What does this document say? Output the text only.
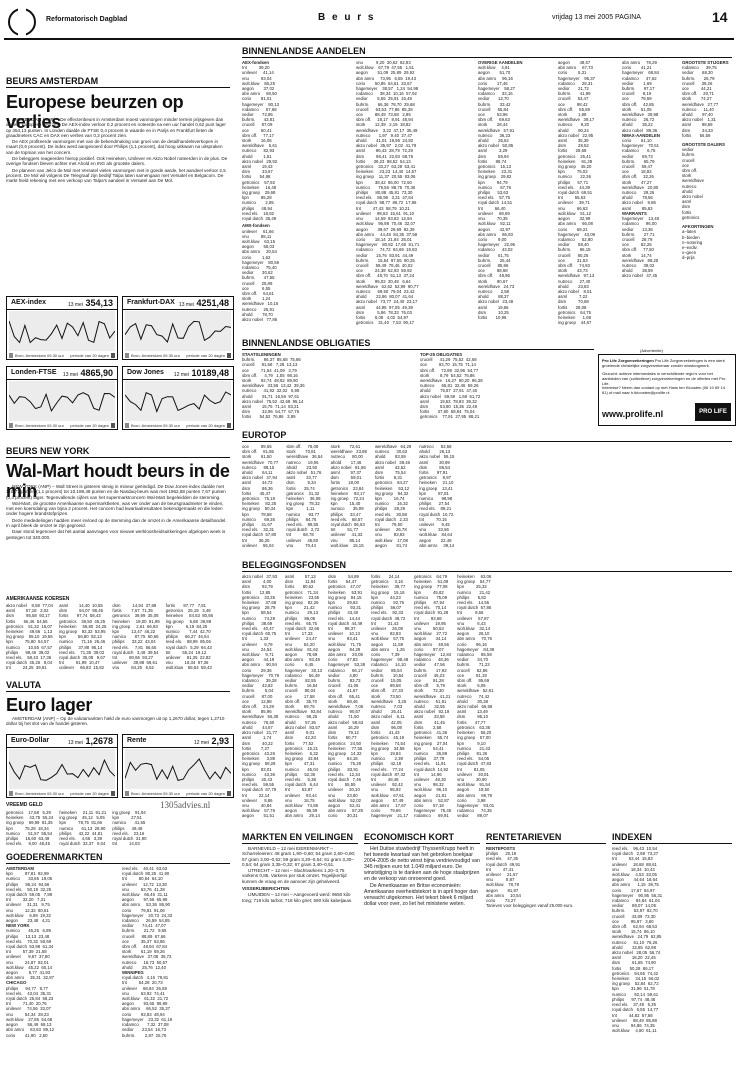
Reformatorisch Dagblad	B e u r s	vrijdag 13 mei 2005 PAGINA	14
BEURS AMSTERDAM
Europese beurzen op verlies

AMSTERDAM (ANP) – De effectenbeurs in Amsterdam moest vanmorgen minder terrein prijsgeven dan andere Europese beurzen. De AEX-index verloor 0,2 procent en noteerde na een uur handel 0,62 punt lager op 354,13 punten. In Londen daalde de FTSE 0,4 procent in waarde en in Parijs en Frankfurt lieten de graadmeters CAC en DAX een verlies van 0,3 procent zien.

De AEX profiteerde vanmorgen met van de bekendmaking van groei van de detailhandelsverkopen in maart (0,6 procent). De index werd aangevoerd door Philips (1,1 procent), dat hoog uitkwam na uitspraken van de topman van het concern.

De beleggers reageerden hierop positief. Ook Heineken, Unilever en Akzo Nobel noteerden in de plus. De overige fondsen bleven achter met Ahold en ING als grootste dalers.

De plannen van Jelco de Mol met Versatel vielen vanmorgen niet in goede aarde, het aandeel verloor 2,5 procent. De Mol wil volgens De Telegraaf zijn bedrijf Talpa laten samengaan met Versatel en Belgacom. De markt hield rekening met een verkoop van Talpa's aandeel in Versatel aan De Mol.

AEX-index	13 mei 354,13
Bron: Amsterdam 09.30 uur periode van 20 dagen
Frankfurt-DAX 13 mei 4251,48
Bron: Amsterdam 09.30 uur periode van 20 dagen
Londen-FTSE 13 mei 4865,90
Bron: Amsterdam 09.30 uur periode van 20 dagen
Dow Jones 12 mei 10189,48
Bron: Amsterdam 09.30 uur periode van 20 dagen
BEURS NEW YORK
Wal-Mart houdt beurs in de min

NEW YORK (ANP) – Wall Street is gisteren stevig in mineur geëindigd. De Dow Jones-index daalde met 110,77 punten (1,1 procent) tot 10.189,48 punten en de Nasdaq-beurs was met 1962,88 punten 7,67 punten (0,4 procent) lager. Tegenvallende cijfers van het supermarktconcern Wal-Mart begeleidden de stemming.

Wal-Mart, de grootste Amerikaanse supermarktketen, was ver onder aan de beursgraadmeter te vinden, met een koersdaling van bijna 2 procent. Het concern had kwartaalresultaten bekendgemaakt en die leden onder hogere brandstofprijzen.

Deze mededelingen hadden meer invloed op de stemming dan de omzet in de Amerikaanse detailhandel. In april bleek de omzet te zijn gegroeid.

Daar stond tegenover dat het aantal aanvragen voor nieuwe werkloosheidsuitkeringen afgelopen week is gestegen tot 340.000.

AMERIKAANSE KOERSEN
akzo nobel    8,58  77,04
asml         57,18   3,02
dsm          95,58  93,17
fortis       66,46  54,55
getronics    51,32  16,07
heineken     49,66   1,13
ing groep    65,10  19,56
kpn          75,80  54,57
numico       10,55  67,57
philips      98,46  39,02
reed els.    58,43  17,36
royal dutch  45,25   8,04
tnt          24,25  39,91
asml         14,40  10,55
dsm          94,07  98,46
fortis       97,74  58,43
getronics    39,50  45,25
heineken     59,80  24,25
ing groep    92,32  53,95
kpn          56,80  82,13
numico       71,16  26,46
philips      37,88  95,14
reed els.    71,35  39,02
royal dutch  35,08   9,67
tnt          91,99  10,47
unilever     66,83  15,82
dsm          14,94  37,88
fortis        7,67  71,35
getronics    39,99  35,08
heineken     19,00  91,99
ing groep     2,61  66,83
kpn          13,47  46,22
numico       87,75  60,66
philips      33,22  43,04
reed els.     7,81  56,65
royal dutch   3,48  39,54
tnt          80,66  93,27
unilever     39,88  69,61
vnu          84,25   6,52
fortis       87,77   7,81
getronics    25,19   3,48
heineken     84,53  80,66
ing groep     6,68  39,88
kpn           6,19  84,25
numico        7,44  42,70
philips      66,27  46,54
reed els.    88,99  85,06
royal dutch   5,29  94,43
tnt          55,24  19,12
unilever     81,35  22,82
vnu          18,34  97,36
wolt.kluw    55,54  59,43
VALUTA
Euro lager

AMSTERDAM (ANP) – Op de valutamarkten hield de euro vanmorgen uit op 1,2670 dollar, tegen 1,2710 dollar bij het slot van de handel gisteren.

Euro-Dollar	13 mei 1,2678
Bron: Amsterdam 09.30 uur periode van 20 dagen
Rente	12 mei 2,93
Bron: Amsterdam 09.30 uur periode van 20 dagen
VREEMD GELD	1305advies.nl
getronics    17,68   5,29
heineken     43,75  55,24
ing groep    69,99  81,35
kpn          75,28  18,34
numico       51,57  55,54
philips      16,60  63,49
reed els.     9,00  48,45
heineken     21,11  81,21
ing groep    45,12   5,05
kpn          78,75  81,66
numico       61,13  28,90
philips      42,22  44,81
reed els.     4,66   3,39
royal dutch  33,37   9,04
ing groep    91,94
kpn          27,51
numico       41,55
philips      49,48
reed els.    23,16
royal dutch  31,90
tnt          14,03
GOEDERENMARKTEN
AMSTERDAM
kpn          87,81  82,99
numico       33,65  19,05
philips      95,24  94,66
reed els.    50,19  32,25
royal dutch  59,05   7,89
tnt          32,20   7,31
unilever     31,31   9,75
vnu          12,32  80,61
wolt.kluw     6,89  19,32
aegon        23,48   4,21
NEW YORK
numico       46,26   6,89
philips      13,13  23,48
reed els.    70,32  50,69
royal dutch  53,98  61,34
tnt          57,39  21,58
unilever      9,87  37,80
vnu          24,87  92,01
wolt.kluw    45,22  60,14
aegon         8,77  41,93
abn amro     35,31  32,87
CHICAGO
philips      94,77   8,77
reed els.    43,04  35,31
royal dutch  25,84  58,23
tnt          71,40  20,76
unilever     74,56  33,07
vnu          54,34  28,23
wolt.kluw    27,85  54,68
aegon        56,49  69,13
abn amro     63,63  89,12
corio        41,90   2,50
reed els.    40,41  63,63
royal dutch  80,25  41,90
tnt          80,64  64,10
unilever     12,72  13,30
vnu          63,76  41,28
wolt.kluw    66,46  31,11
aegon        97,66  65,98
abn amro     53,36  86,90
corio        79,81  91,06
hagemeyer    20,73  24,33
rodamco      26,59  54,85
vedior       74,41  47,07
buhrm.       21,72   9,55
crucell      88,89  67,66
oce          35,37  63,86
sbm off.     48,94  67,84
stork        61,19  69,26
wereldhave   37,08  35,73
nutreco      16,73  50,57
ahold        25,76  12,40
WINNIPEG
royal dutch   4,16  79,81
tnt          54,28  20,73
unilever     68,84  26,59
vnu          63,92  74,41
wolt.kluw    61,32  21,72
aegon        93,65  88,89
abn amro     66,52  35,37
corio        93,83  48,94
hagemeyer    23,32  61,19
rodamco       7,32  37,08
vedior       23,54  16,73
buhrm.        2,87  25,76
BINNENLANDSE AANDELEN
AEX-fondsen
tnt          39,20
unilever     41,14
vnu          93,04
wolt.kluw    86,25
aegon        37,02
abn amro     68,50
corio        81,01
hagemeyer    80,13
rodamco      57,68
vedior       72,85
buhrm.       43,81
crucell      87,09
oce          60,41
sbm off.     77,17
stork        16,05
wereldhave    6,61
nutreco      82,93
ahold         1,51
akzo nobel   29,92
asml         19,43
dsm          33,67
fortis       54,98
getronics    57,92
heineken     16,48
ing groep    29,68
kpn          85,28
numico        2,85
philips      48,94
reed els.    18,82
royal dutch  35,49
AMX-fondsen
unilever     61,66
vnu          88,11
wolt.kluw    63,15
aegon        56,03
abn amro     20,54
corio         1,62
hagemeyer    80,59
rodamco      75,40
vedior       30,62
buhrm.       47,55
crucell      25,89
oce           6,55
sbm off.     64,61
stork         1,24
wereldhave   10,16
nutreco      25,91
ahold        78,70
akzo nobel   77,86
vnu           9,20  30,62  82,93
wolt.kluw    67,79  47,55   1,51
aegon        51,09  25,89  29,92
abn amro     73,96   6,55  19,43
corio        50,85  64,61  33,67
hagemeyer    38,57   1,24  54,98
rodamco      38,34  10,16  57,92
vedior        5,55  25,91  16,48
buhrm.       66,36  78,70  29,68
crucell      63,53  77,86  85,28
oce          88,49  73,58   2,85
sbm off.     18,17   8,91  48,94
stork        12,39   2,19  18,82
wereldhave    3,22  47,17  35,49
nutreco       1,97   9,40  27,47
ahold        41,01  19,95  24,82
akzo nobel   35,97   2,02  41,79
asml         86,43  28,79  72,29
dsm          98,41  22,93  68,76
fortis       39,23  98,52  54,13
getronics    33,27  63,28  53,41
heineken     23,23  14,40  14,57
ing groep    11,37  20,55  83,06
kpn          38,42  86,00  72,50
numico       79,56  88,75  70,36
philips      80,88  45,81  73,30
reed els.    86,96   3,31  47,64
royal dutch  98,77  86,72  17,96
tnt          47,43  58,79  10,21
unilever     98,63  15,61  91,10
vnu          14,59  83,83  12,94
wolt.kluw    96,98  70,46  32,07
aegon        39,67  29,69  92,39
abn amro     44,48  84,35  37,58
corio        18,14  21,84  26,01
hagemeyer    80,82  17,60  81,71
rodamco      74,72  84,69  19,83
vedior       15,76  83,91  44,49
buhrm.       15,54  97,55  90,25
crucell      59,49  78,46  40,02
oce          24,38  62,93  59,92
sbm off.     48,70  51,13  37,24
stork        95,02  30,48   6,64
wereldhave   62,62  52,99  90,77
nutreco      69,50  79,04  23,42
ahold        22,86  80,07  41,64
akzo nobel   73,77  24,40  23,17
asml         44,95  97,05  49,39
dsm           5,96  78,33  76,03
fortis        5,08   4,02  54,97
getronics    31,40   7,53  90,17
OVERIGE AANDELEN
wolt.kluw     4,91
aegon        51,70
abn amro     96,16
corio        17,46
hagemeyer    58,27
rodamco      33,16
vedior       12,70
buhrm.       33,42
crucell      55,84
oce          53,96
sbm off.     69,63
stork        28,44
wereldhave   57,91
nutreco      36,23
ahold        26,62
akzo nobel   50,85
asml          3,29
dsm          59,94
fortis       88,74
getronics    15,13
heineken     23,31
ing groep    29,82
kpn          94,79
numico       67,76
philips      53,63
reed els.    57,75
royal dutch  14,51
tnt          66,40
unilever     68,69
vnu          70,35
wolt.kluw    82,11
aegon        42,97
abn amro     86,93
corio         9,00
hagemeyer    22,96
rodamco      43,02
vedior       61,75
buhrm.       25,44
crucell      85,96
oce          88,68
sbm off.     48,95
stork        90,67
wereldhave   24,73
nutreco       2,58
ahold        88,37
akzo nobel   23,48
asml         19,66
dsm          10,25
fortis       10,96
aegon        48,57
abn amro     67,73
corio         5,31
hagemeyer    95,37
rodamco      28,31
vedior       21,72
buhrm.       41,99
crucell      53,47
oce          98,42
sbm off.     55,69
stork         1,98
wereldhave   39,17
nutreco       9,20
ahold        90,24
akzo nobel   22,95
asml         35,39
dsm          28,52
fortis       28,68
getronics    25,41
heineken     91,28
ing groep    45,20
kpn          75,02
numico       22,36
philips      57,71
reed els.    44,39
royal dutch  69,51
tnt          55,63
unilever     39,71
vnu          66,63
wolt.kluw    51,12
aegon        32,99
abn amro     66,08
corio        69,21
hagemeyer    43,09
rodamco      52,80
vedior       58,40
buhrm.       96,15
crucell      80,25
oce          31,53
sbm off.     74,93
stork        43,73
wereldhave   97,13
nutreco      27,40
ahold        23,83
akzo nobel    8,51
asml          7,22
dsm          70,68
fortis       28,08
getronics    64,75
heineken      1,69
ing groep    44,67
abn amro     78,29
corio        41,21
hagemeyer    68,84
rodamco      47,62
vedior        1,69
buhrm.       97,17
crucell       8,19
oce          78,59
sbm off.     42,85
stork        51,05
wereldhave   39,98
nutreco      26,72
ahold        35,22
akzo nobel   89,36
NMAX-AANDELEN
corio        61,10
hagemeyer    70,51
rodamco       6,75
vedior       69,73
buhrm.       65,79
crucell      59,47
oce          18,82
sbm off.     32,26
stork        47,27
wereldhave   20,80
nutreco      29,26
ahold        78,56
akzo nobel    9,86
asml         85,63
WARRANTS
hagemeyer    13,48
rodamco      96,00
vedior       13,36
buhrm.       27,71
crucell      28,79
oce          82,26
sbm off.     77,50
stork        14,74
wereldhave   88,25
nutreco      39,02
ahold        38,59
akzo nobel   47,45
GROOTSTE STIJGERS
rodamco      39,75
vedior       68,30
buhrm.       26,79
crucell      39,26
oce          44,21
sbm off.     20,71
stork        74,27
wereldhave   27,77
nutreco      11,40
ahold        97,40
akzo nobel    1,31
asml         98,69
dsm          34,33
fortis       56,59
GROOTSTE DALERS
vedior
buhrm.
crucell
oce
sbm off.
stork
wereldhave
nutreco
ahold
akzo nobel
asml
dsm
fortis
getronics
AFKORTINGEN
a–laten
b–bieden
n–notering
e–exdiv.
x–geen
d–prijs
BINNENLANDSE OBLIGATIES
STAATSLENINGEN
buhrm.       86,37  85,68  75,86
crucell      91,58   7,28  13,13
oce          71,64  41,09   3,79
sbm off.      4,79   1,55  98,16
stork        92,74  48,82  89,90
wereldhave   33,55  13,42  39,35
nutreco      41,92  32,02   6,98
ahold        91,71  16,56  97,61
akzo nobel   75,52  42,68  95,14
asml         15,75  71,14  83,21
dsm          32,96  54,77  67,76
fortis       54,52  76,86   3,89
TOP-25 OBLIGATIES
crucell      41,29  75,52  42,68
oce          93,70  15,75  71,14
sbm off.     72,89  32,96  54,77
stork         8,79  54,52  76,86
wereldhave   16,27  90,20  96,38
nutreco      65,81  32,46  59,26
ahold        75,87  27,91  47,40
akzo nobel   59,59   1,68  61,72
asml         19,53  78,93  39,32
dsm          53,80  15,35  22,49
fortis       37,80  58,94  75,04
getronics    77,91  27,95  88,21
(Advertentie)
Pro Life Zorgverzekeringen Pro Life Zorgverzekeringen is een sterk groeiende christelijke zorgverzekeraar zonder winstoogmerk.
Gezocht: actieve intermediairs in verschillende regio's voor het aanbieden van (collectieve) zorgverzekeringen en de offertes met Pro Life.
Interesse? Neem dan contact op met Hans ten Kloosten (06 10 69 14 81) of mail naar h.tkloosten@prolife.nl
www.prolife.nl	PRO LIFE
EUROTOP
oce          89,55
sbm off.     81,86
stork        61,50
wereldhave   70,77
nutreco      88,15
ahold        64,11
akzo nobel   47,94
asml         44,72
dsm          86,36
fortis       45,47
getronics    75,18
heineken     82,25
ing groep    50,34
kpn          78,58
numico       69,36
philips      41,67
reed els.    32,31
royal dutch  57,80
tnt          36,25
unilever     55,04
sbm off.     76,08
stork        70,81
wereldhave   36,54
nutreco      19,06
ahold        23,50
akzo nobel   51,76
asml         33,77
dsm           9,34
fortis       25,74
getronics    31,32
heineken     36,08
ing groep    78,32
kpn           1,11
numico       93,77
philips      84,76
reed els.    88,55
royal dutch   2,72
tnt          68,78
unilever     45,80
vnu          70,44
stork        72,61
wereldhave   23,88
nutreco      80,00
ahold        17,46
akzo nobel   91,56
asml         97,37
dsm          59,01
fortis       18,00
getronics    23,84
heineken     93,17
ing groep    72,24
kpn          15,40
numico       35,99
philips      33,47
reed els.    68,57
royal dutch  96,63
tnt          51,77
unilever     41,33
vnu          85,14
wolt.kluw    15,15
wereldhave   64,29
nutreco      30,63
ahold        83,59
akzo nobel   38,46
asml         43,52
dsm          75,54
fortis        8,31
getronics    84,27
heineken     53,12
ing groep    94,32
kpn          16,74
numico       16,32
philips      28,29
reed els.    30,58
royal dutch   2,33
tnt          79,50
unilever     26,78
vnu          83,93
wolt.kluw    17,08
aegon        81,74
nutreco      53,58
ahold        26,13
akzo nobel   59,15
asml         30,99
dsm          86,54
fortis       97,91
getronics     8,97
heineken     21,10
ing groep    13,41
kpn          87,81
numico       98,98
philips      27,54
reed els.    89,21
royal dutch  10,72
tnt          70,15
unilever      9,45
vnu          33,56
wolt.kluw    84,64
aegon        22,48
abn amro     39,14
BELEGGINGSFONDSEN
akzo nobel   37,93
asml          4,00
dsm          92,79
fortis       12,85
getronics    33,35
heineken     37,68
ing groep    28,79
kpn          58,54
numico       74,29
philips      38,69
reed els.    40,47
royal dutch  60,75
tnt           1,33
unilever      9,79
vnu          24,54
wolt.kluw     9,71
aegon        44,19
abn amro     90,94
corio        29,36
hagemeyer    70,79
rodamco      39,28
vedior       42,82
buhrm.        5,04
crucell      87,00
oce          12,88
sbm off.     24,29
stork        85,96
wereldhave   56,39
nutreco      76,60
ahold        44,67
akzo nobel   21,77
asml          1,74
dsm          40,22
fortis        7,27
getronics    43,26
heineken      3,89
ing groep    59,28
kpn          83,01
numico       43,36
philips      40,43
reed els.    59,55
royal dutch  67,79
tnt          22,14
unilever      8,86
vnu          40,84
wolt.kluw    57,76
aegon        51,51
asml         57,13
dsm          11,94
fortis       80,62
getronics    71,34
heineken     23,55
ing groep    82,26
kpn          21,42
numico       29,13
philips      86,05
reed els.    65,75
royal dutch  32,66
tnt          17,33
unilever     24,47
vnu          54,20
wolt.kluw    81,62
aegon        78,69
abn amro     93,48
corio         6,45
hagemeyer    30,13
rodamco      56,49
vedior       82,55
buhrm.       16,54
crucell      80,04
oce          17,58
sbm off.     35,70
stork        69,75
wereldhave   93,84
nutreco      58,25
ahold        57,36
akzo nobel   83,57
asml          9,01
dsm          42,20
fortis       77,52
getronics    15,21
heineken      6,32
ing groep    43,94
kpn          47,31
numico       45,04
philips      52,36
reed els.     5,38
royal dutch   6,44
tnt          53,87
unilever     93,44
vnu          18,75
wolt.kluw    74,86
aegon        95,59
abn amro     29,14
dsm          54,89
fortis       54,47
getronics    47,07
heineken     53,91
ing groep    94,15
kpn          29,63
numico       93,31
philips      43,40
reed els.    14,44
royal dutch  44,49
tnt          98,37
unilever     10,13
vnu          93,41
wolt.kluw    71,75
aegon        84,29
abn amro     20,08
corio        47,83
hagemeyer    53,38
rodamco      66,17
vedior        4,80
buhrm.       83,73
crucell      41,06
oce          41,67
sbm off.     65,41
stork        68,46
wereldhave    7,06
nutreco      90,67
ahold        71,50
akzo nobel   58,63
asml         16,29
dsm          79,12
fortis       60,77
getronics    24,50
heineken     77,55
ing groep    14,32
kpn          64,18
numico       75,28
philips      83,91
reed els.    12,34
royal dutch   7,46
tnt          55,55
unilever     20,10
vnu          23,80
wolt.kluw    52,02
aegon        52,41
abn amro     87,29
corio        30,31
fortis       24,14
getronics     3,16
heineken     39,77
ing groep    15,18
kpn          44,23
numico       92,76
philips      56,07
reed els.    92,33
royal dutch  49,72
tnt          31,43
unilever     26,08
vnu          82,83
wolt.kluw    57,75
aegon        11,59
abn amro      1,26
corio         7,39
hagemeyer    98,48
rodamco      14,10
vedior       85,54
buhrm.       10,54
crucell      15,05
oce          89,68
sbm off.     27,33
stork        73,50
wereldhave    3,25
nutreco       7,03
ahold        26,41
akzo nobel    6,11
asml         42,05
dsm          96,08
fortis       41,43
getronics    45,19
heineken     74,54
ing groep    34,58
kpn          19,84
numico        2,39
philips      42,18
reed els.    77,24
royal dutch  87,32
tnt          48,48
unilever     92,42
vnu          95,92
wolt.kluw    67,51
aegon        57,49
abn amro     17,67
corio        79,66
hagemeyer    21,17
getronics    64,79
heineken     51,09
ing groep    77,08
kpn          45,82
numico       75,09
philips      67,94
reed els.    70,14
royal dutch  91,28
tnt          93,68
unilever     19,95
vnu          50,53
wolt.kluw    27,72
aegon        34,14
abn amro     48,56
corio        87,07
hagemeyer    12,84
rodamco      48,36
vedior       47,56
buhrm.       17,92
crucell      45,23
oce          91,28
sbm off.      5,79
stork        72,30
wereldhave   41,21
nutreco      51,91
ahold        32,55
akzo nobel   92,19
asml         33,58
dsm          41,45
fortis        2,58
getronics    41,36
heineken     55,74
ing groep    27,04
kpn          54,41
numico       26,89
philips      37,79
reed els.    11,91
royal dutch  14,92
tnt          14,96
unilever     48,30
vnu          98,32
wolt.kluw    96,10
aegon        21,81
abn amro     52,87
corio        57,18
hagemeyer    75,45
rodamco      69,91
heineken     63,06
ing groep    54,77
kpn          25,32
numico       21,42
philips       5,82
reed els.    14,55
royal dutch  67,86
tnt           8,66
unilever     57,87
vnu           6,43
wolt.kluw    32,14
aegon        28,10
abn amro     70,76
corio        96,16
hagemeyer    84,39
rodamco      85,59
vedior       34,70
buhrm.       71,23
crucell      52,86
oce          81,19
sbm off.     95,69
stork         6,09
wereldhave   52,91
nutreco      74,42
ahold        30,38
akzo nobel   66,58
asml         13,49
dsm          95,10
fortis       47,77
getronics    63,36
heineken     56,20
ing groep    57,00
kpn           9,10
numico       21,43
philips      81,26
reed els.    54,05
royal dutch  47,83
tnt          81,05
unilever     30,81
vnu          30,90
wolt.kluw    91,54
aegon        19,50
abn amro     69,79
corio         3,98
hagemeyer    93,01
rodamco      74,35
vedior       89,07
MARKTEN EN VEILINGEN

BARNEVELD – 12 mei EIERENMARKT – Scharreleieren: 48 gram 1,90–0,60; 54 gram 2,60–0,80; 57 gram 3,00–0,52; 59 gram 3,20–0,54; 61 gram 3,30–0,54; 64 gram 3,35–0,32; 67 gram 3,40–0,51.

UTRECHT – 12 mei – Slachtvarkens 1,20–3,75 varkens 0,85. Varkens per stuk omzet. Tegelijkertijd kunnen de vraag en de aanvoer zijn gehalveerd.

VISSERIJBERICHTEN

IJMUIDEN – 12 mei – Aangevoerd werd: 9650 kilo tong; 719 kilo tarbot; 718 kilo griet; 590 kilo kabeljauw.

ECONOMISCH KORT

Het Duitse stuwbedrijf ThyssenKrupp heeft in het tweede kwartaal van het gebroken boekjaar 2004-2005 de netto winst bijna verdrievoudigd van 345 miljoen euro tot 1.049 miljard euro. De winststijging is te danken aan de hoge staalprijzen en de verkoop van onroerend goed.

De Amerikaanse en Britse economieën: Amerikaanse overheidstekort is in april hoger dan verwacht uitgekomen. Het tekort bleek 6 miljard dollar voor over, zo liet het ministerie weten.

RENTETARIEVEN
RENTEPOSTS
philips      20,19
reed els.    47,35
royal dutch  49,91
tnt          47,41
unilever     21,57
vnu           8,87
wolt.kluw    78,78
aegon        81,97
abn amro     10,54
corio        73,27
Tarieven voor beleggingen vanaf 25.000 euro.
INDEXEN
reed els.    96,43  10,54
royal dutch   2,98  73,27
tnt          53,44  15,83
unilever     18,68  88,61
vnu          18,34  10,43
wolt.kluw     4,53  33,05
aegon        44,64  18,64
abn amro      1,15  39,75
corio        17,67  84,97
hagemeyer    90,95  56,31
rodamco      84,84  61,04
vedior       88,07  14,05
buhrm.       53,97  82,70
crucell      43,89  73,30
oce          95,97   3,60
sbm off.     62,94  68,53
stork        15,74  86,10
wereldhave   24,79  62,85
nutreco      61,10  76,26
ahold        32,85  62,98
akzo nobel   28,05  56,74
asml         18,20  22,45
dsm          61,65  74,90
fortis       50,28  86,17
getronics    94,65  74,42
heineken     34,15  56,02
ing groep    52,84  62,72
kpn          31,96  51,78
numico       92,14  59,61
philips      97,74  48,46
reed els.    37,49   5,35
royal dutch   6,55  14,77
tnt          44,82  67,68
unilever     98,49  85,88
vnu          94,86  74,35
wolt.kluw     4,80  61,11
